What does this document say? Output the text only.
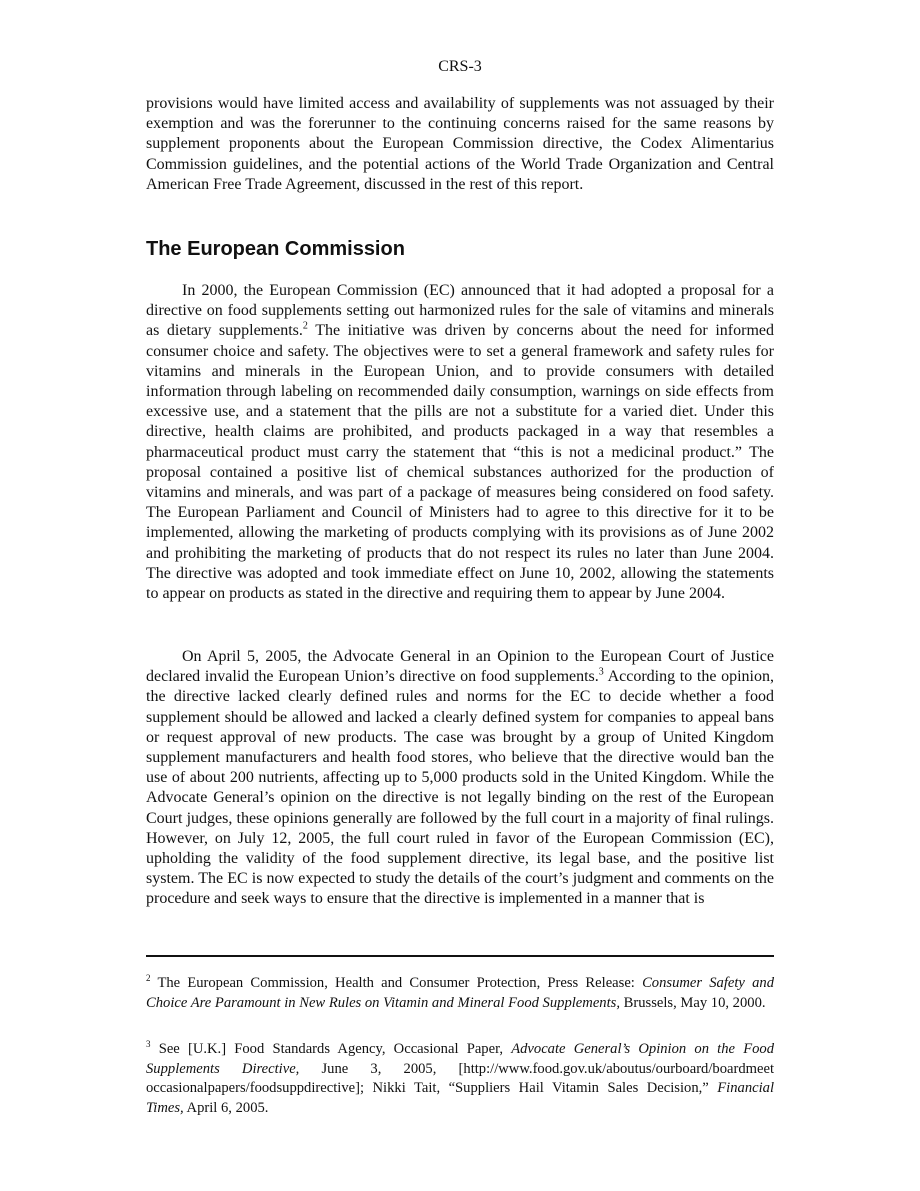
CRS-3
provisions would have limited access and availability of supplements was not assuaged by their exemption and was the forerunner to the continuing concerns raised for the same reasons by supplement proponents about the European Commission directive, the Codex Alimentarius Commission guidelines, and the potential actions of the World Trade Organization and Central American Free Trade Agreement, discussed in the rest of this report.
The European Commission
In 2000, the European Commission (EC) announced that it had adopted a proposal for a directive on food supplements setting out harmonized rules for the sale of vitamins and minerals as dietary supplements.$^2$ The initiative was driven by concerns about the need for informed consumer choice and safety. The objectives were to set a general framework and safety rules for vitamins and minerals in the European Union, and to provide consumers with detailed information through labeling on recommended daily consumption, warnings on side effects from excessive use, and a statement that the pills are not a substitute for a varied diet. Under this directive, health claims are prohibited, and products packaged in a way that resembles a pharmaceutical product must carry the statement that “this is not a medicinal product.” The proposal contained a positive list of chemical substances authorized for the production of vitamins and minerals, and was part of a package of measures being considered on food safety. The European Parliament and Council of Ministers had to agree to this directive for it to be implemented, allowing the marketing of products complying with its provisions as of June 2002 and prohibiting the marketing of products that do not respect its rules no later than June 2004. The directive was adopted and took immediate effect on June 10, 2002, allowing the statements to appear on products as stated in the directive and requiring them to appear by June 2004.
On April 5, 2005, the Advocate General in an Opinion to the European Court of Justice declared invalid the European Union’s directive on food supplements.$^3$ According to the opinion, the directive lacked clearly defined rules and norms for the EC to decide whether a food supplement should be allowed and lacked a clearly defined system for companies to appeal bans or request approval of new products. The case was brought by a group of United Kingdom supplement manufacturers and health food stores, who believe that the directive would ban the use of about 200 nutrients, affecting up to 5,000 products sold in the United Kingdom. While the Advocate General’s opinion on the directive is not legally binding on the rest of the European Court judges, these opinions generally are followed by the full court in a majority of final rulings. However, on July 12, 2005, the full court ruled in favor of the European Commission (EC), upholding the validity of the food supplement directive, its legal base, and the positive list system. The EC is now expected to study the details of the court’s judgment and comments on the procedure and seek ways to ensure that the directive is implemented in a manner that is
$^2$ The European Commission, Health and Consumer Protection, Press Release: Consumer Safety and Choice Are Paramount in New Rules on Vitamin and Mineral Food Supplements, Brussels, May 10, 2000.
$^3$ See [U.K.] Food Standards Agency, Occasional Paper, Advocate General’s Opinion on the Food Supplements Directive, June 3, 2005, [http://www.food.gov.uk/aboutus/ourboard/boardmeet occasionalpapers/foodsuppdirective]; Nikki Tait, “Suppliers Hail Vitamin Sales Decision,” Financial Times, April 6, 2005.
